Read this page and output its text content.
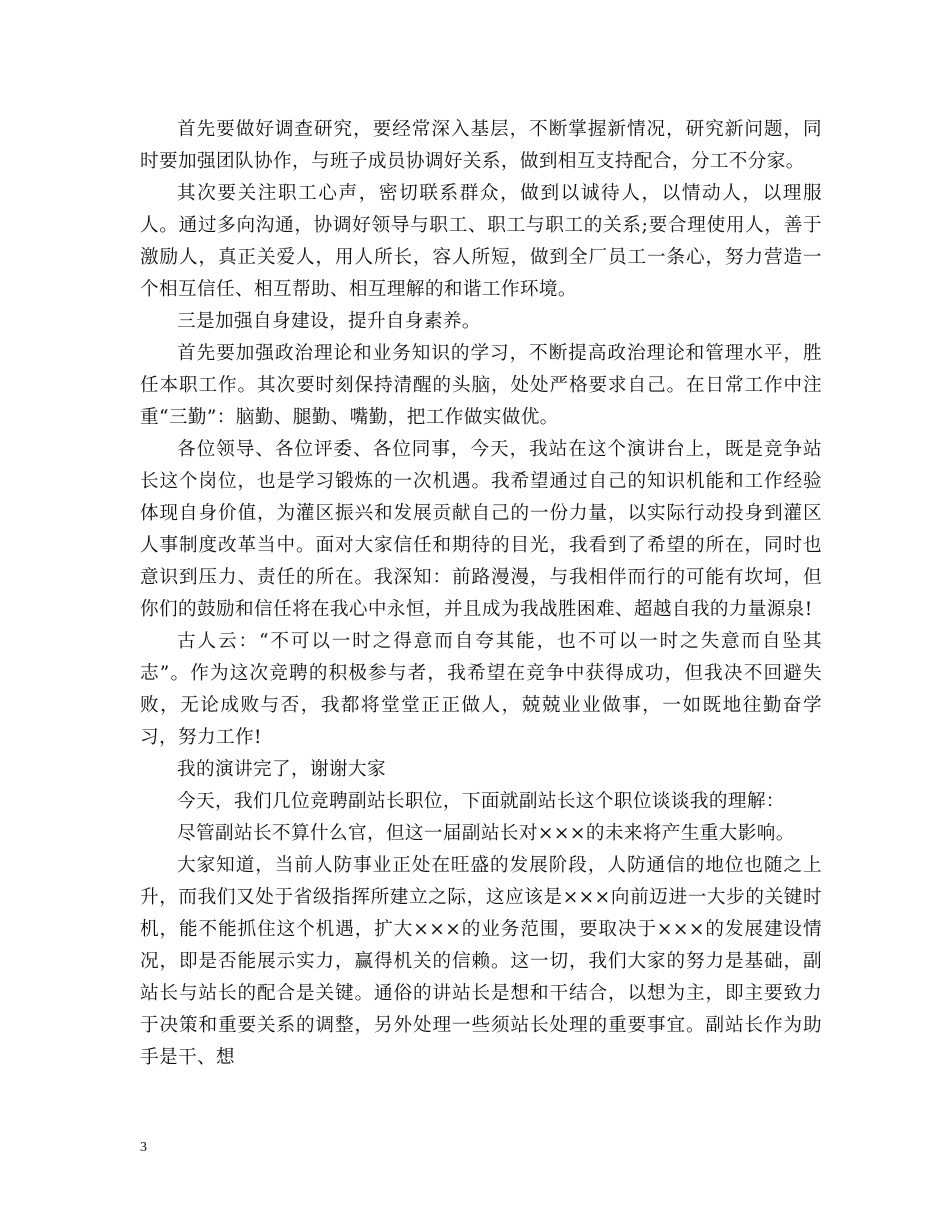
首先要做好调查研究，要经常深入基层，不断掌握新情况，研究新问题，同时要加强团队协作，与班子成员协调好关系，做到相互支持配合，分工不分家。

其次要关注职工心声，密切联系群众，做到以诚待人，以情动人，以理服人。通过多向沟通，协调好领导与职工、职工与职工的关系;要合理使用人，善于激励人，真正关爱人，用人所长，容人所短，做到全厂员工一条心，努力营造一个相互信任、相互帮助、相互理解的和谐工作环境。

三是加强自身建设，提升自身素养。

首先要加强政治理论和业务知识的学习，不断提高政治理论和管理水平，胜任本职工作。其次要时刻保持清醒的头脑，处处严格要求自己。在日常工作中注重“三勤”：脑勤、腿勤、嘴勤，把工作做实做优。

各位领导、各位评委、各位同事，今天，我站在这个演讲台上，既是竞争站长这个岗位，也是学习锻炼的一次机遇。我希望通过自己的知识机能和工作经验体现自身价值，为灌区振兴和发展贡献自己的一份力量，以实际行动投身到灌区人事制度改革当中。面对大家信任和期待的目光，我看到了希望的所在，同时也意识到压力、责任的所在。我深知：前路漫漫，与我相伴而行的可能有坎坷，但你们的鼓励和信任将在我心中永恒，并且成为我战胜困难、超越自我的力量源泉!

古人云：“不可以一时之得意而自夸其能，也不可以一时之失意而自坠其志”。作为这次竞聘的积极参与者，我希望在竞争中获得成功，但我决不回避失败，无论成败与否，我都将堂堂正正做人，兢兢业业做事，一如既地往勤奋学习，努力工作!

我的演讲完了，谢谢大家

今天，我们几位竞聘副站长职位，下面就副站长这个职位谈谈我的理解：

尽管副站长不算什么官，但这一届副站长对×××的未来将产生重大影响。

大家知道，当前人防事业正处在旺盛的发展阶段，人防通信的地位也随之上升，而我们又处于省级指挥所建立之际，这应该是×××向前迈进一大步的关键时机，能不能抓住这个机遇，扩大×××的业务范围，要取决于×××的发展建设情况，即是否能展示实力，赢得机关的信赖。这一切，我们大家的努力是基础，副站长与站长的配合是关键。通俗的讲站长是想和干结合，以想为主，即主要致力于决策和重要关系的调整，另外处理一些须站长处理的重要事宜。副站长作为助手是干、想

3
